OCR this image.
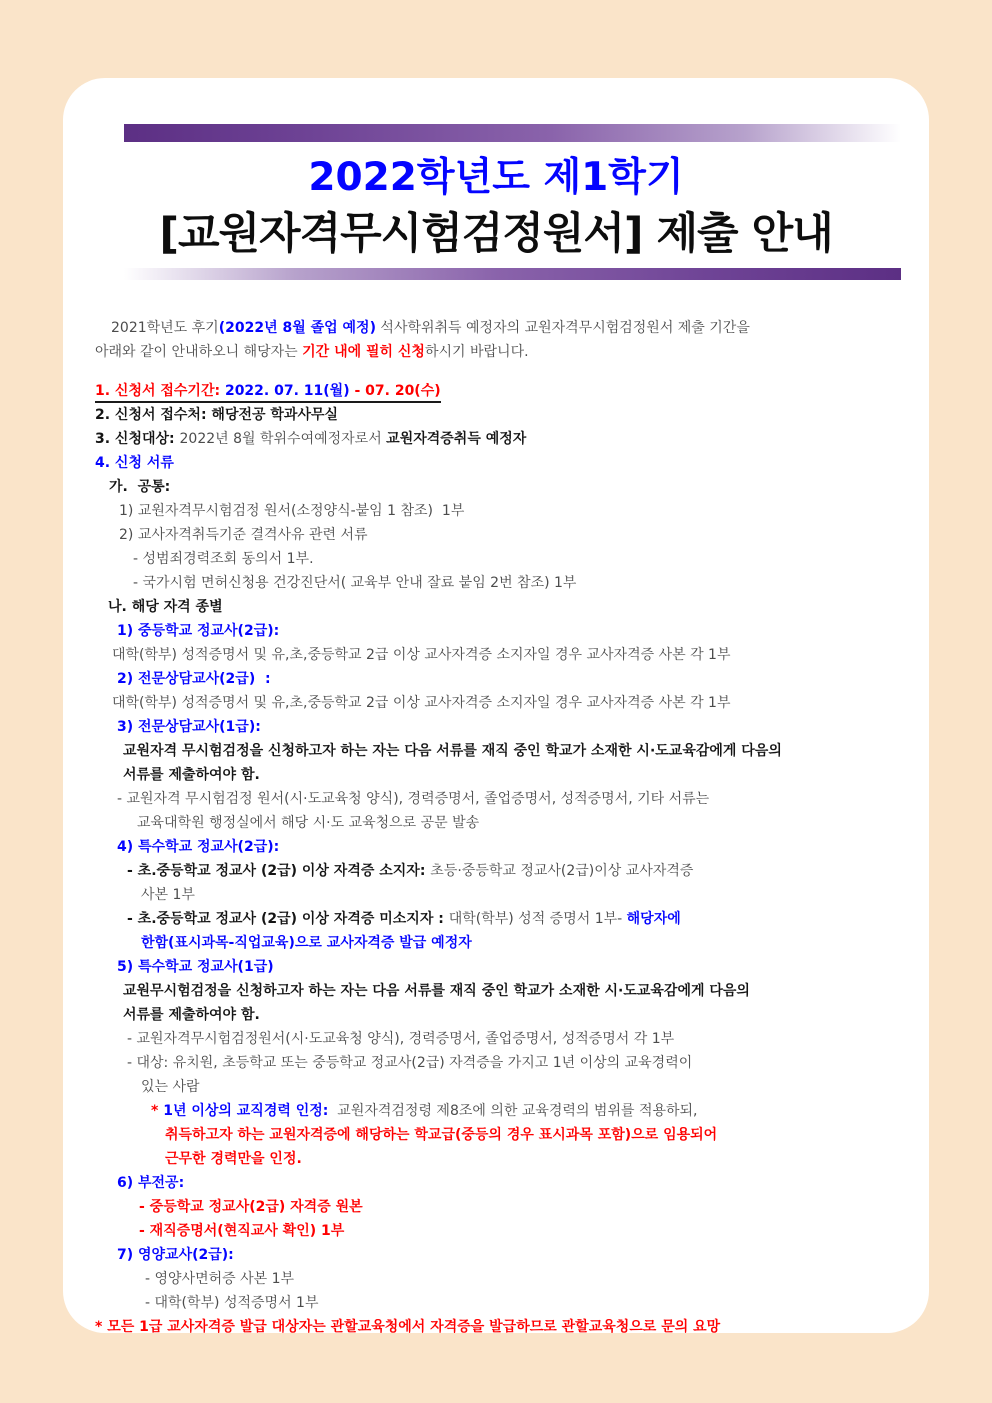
2022학년도 제1학기
[교원자격무시험검정원서] 제출 안내
2021학년도 후기(2022년 8월 졸업 예정) 석사학위취득 예정자의 교원자격무시험검정원서 제출 기간을
아래와 같이 안내하오니 해당자는 기간 내에 필히 신청하시기 바랍니다.
1. 신청서 접수기간: 2022. 07. 11(월) - 07. 20(수)
2. 신청서 접수처: 해당전공 학과사무실
3. 신청대상: 2022년 8월 학위수여예정자로서 교원자격증취득 예정자
4. 신청 서류
가.  공통:
1) 교원자격무시험검정 원서(소정양식-붙임 1 참조)  1부
2) 교사자격취득기준 결격사유 관련 서류
- 성범죄경력조회 동의서 1부.
- 국가시험 면허신청용 건강진단서( 교육부 안내 잘료 붙임 2번 참조) 1부
나. 해당 자격 종별
1) 중등학교 정교사(2급):
대학(학부) 성적증명서 및 유,초,중등학교 2급 이상 교사자격증 소지자일 경우 교사자격증 사본 각 1부
2) 전문상담교사(2급)  :
대학(학부) 성적증명서 및 유,초,중등학교 2급 이상 교사자격증 소지자일 경우 교사자격증 사본 각 1부
3) 전문상담교사(1급):
교원자격 무시험검정을 신청하고자 하는 자는 다음 서류를 재직 중인 학교가 소재한 시·도교육감에게 다음의
서류를 제출하여야 함.
- 교원자격 무시험검정 원서(시·도교육청 양식), 경력증명서, 졸업증명서, 성적증명서, 기타 서류는
교육대학원 행정실에서 해당 시·도 교육청으로 공문 발송
4) 특수학교 정교사(2급):
- 초.중등학교 정교사 (2급) 이상 자격증 소지자: 초등·중등학교 정교사(2급)이상 교사자격증
사본 1부
- 초.중등학교 정교사 (2급) 이상 자격증 미소지자 : 대학(학부) 성적 증명서 1부- 해당자에
한함(표시과목-직업교육)으로 교사자격증 발급 예정자
5) 특수학교 정교사(1급)
교원무시험검정을 신청하고자 하는 자는 다음 서류를 재직 중인 학교가 소재한 시·도교육감에게 다음의
서류를 제출하여야 함.
- 교원자격무시험검정원서(시·도교육청 양식), 경력증명서, 졸업증명서, 성적증명서 각 1부
- 대상: 유치원, 초등학교 또는 중등학교 정교사(2급) 자격증을 가지고 1년 이상의 교육경력이
있는 사람
* 1년 이상의 교직경력 인정:  교원자격검정령 제8조에 의한 교육경력의 범위를 적용하되,
취득하고자 하는 교원자격증에 해당하는 학교급(중등의 경우 표시과목 포함)으로 임용되어
근무한 경력만을 인정.
6) 부전공:
- 중등학교 정교사(2급) 자격증 원본
- 재직증명서(현직교사 확인) 1부
7) 영양교사(2급):
- 영양사면허증 사본 1부
- 대학(학부) 성적증명서 1부
* 모든 1급 교사자격증 발급 대상자는 관할교육청에서 자격증을 발급하므로 관할교육청으로 문의 요망
